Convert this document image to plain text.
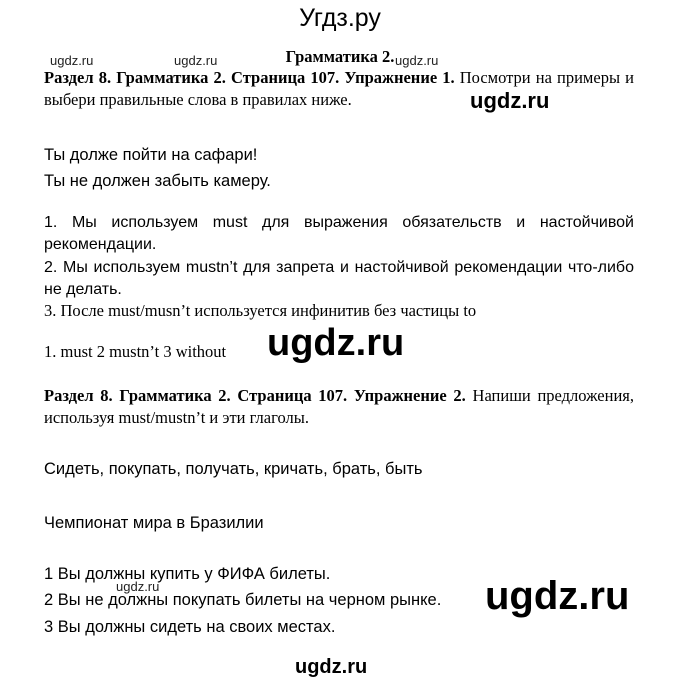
Угдз.ру
Грамматика 2.
ugdz.ru	ugdz.ru	ugdz.ru
ugdz.ru
Раздел 8. Грамматика 2. Страница 107. Упражнение 1. Посмотри на примеры и выбери правильные слова в правилах ниже.	ugdz.ru
Ты долже пойти на сафари!
Ты не должен забыть камеру.
1. Мы используем must для выражения обязательств и настойчивой рекомендации.
2. Мы используем mustn’t для запрета и настойчивой рекомендации что-либо не делать.
3. После must/musn’t используется инфинитив без частицы to
1. must 2 mustn’t 3 without ugdz.ru
Раздел 8. Грамматика 2. Страница 107. Упражнение 2. Напиши предложения, используя must/mustn’t и эти глаголы.
Сидеть, покупать, получать, кричать, брать, быть
Чемпионат мира в Бразилии
1 Вы должны купить у ФИФА билеты.
2 Вы не должны покупать билеты на черном рынке.
3 Вы должны сидеть на своих местах.
ugdz.ru
ugdz.ru
